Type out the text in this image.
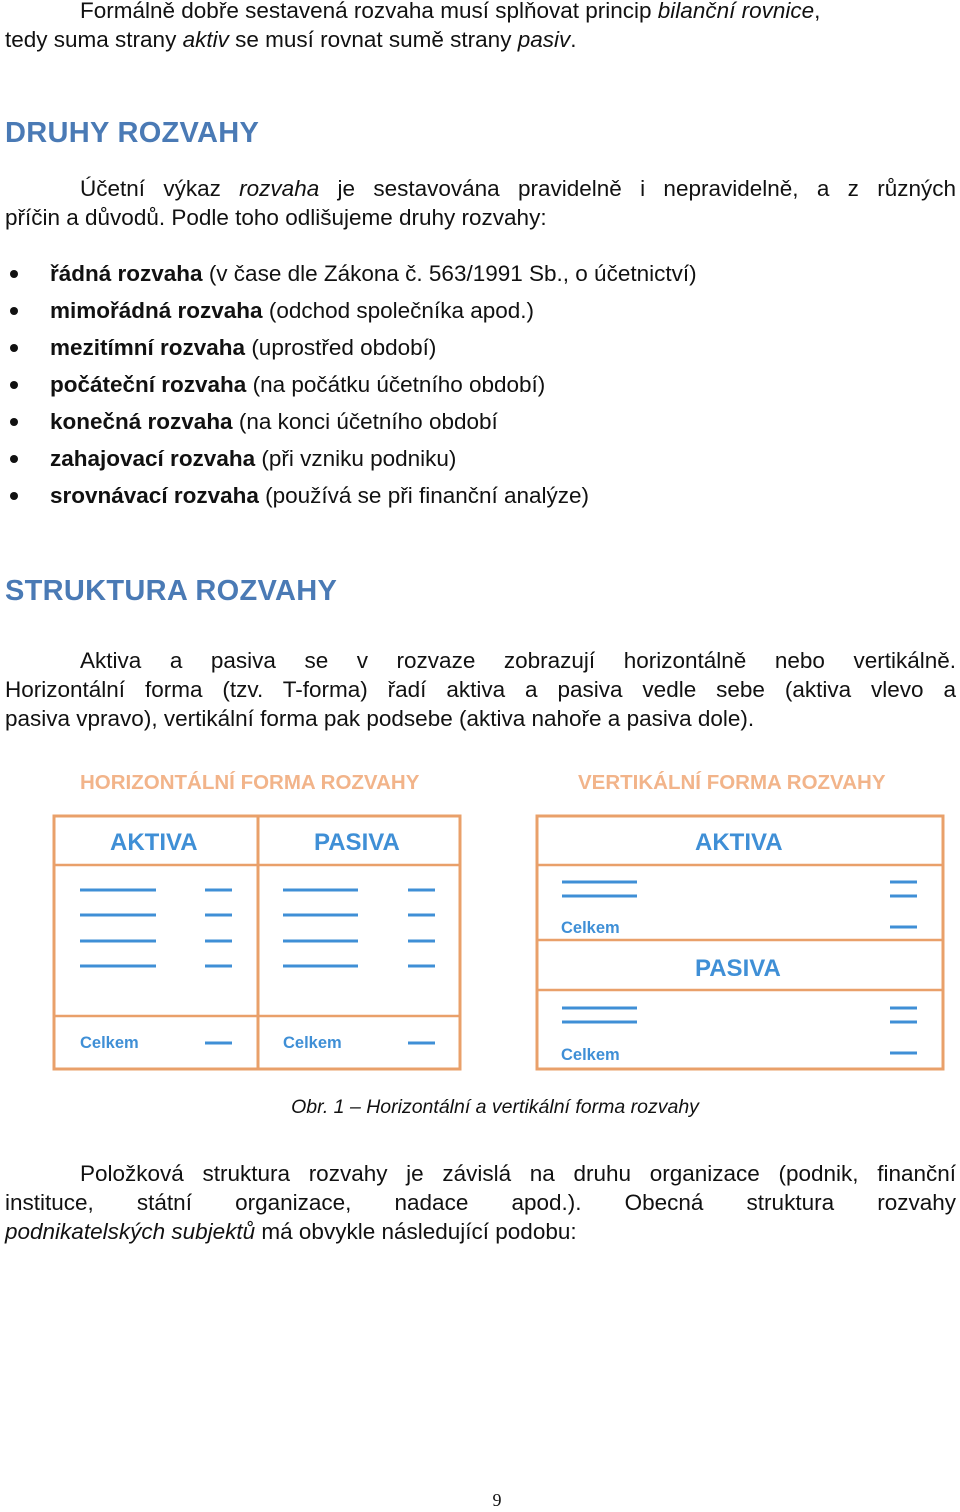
Formálně dobře sestavená rozvaha musí splňovat princip bilanční rovnice,
tedy suma strany aktiv se musí rovnat sumě strany pasiv.
DRUHY ROZVAHY
Účetní výkaz rozvaha je sestavována pravidelně i nepravidelně, a z různých
příčin a důvodů. Podle toho odlišujeme druhy rozvahy:
řádná rozvaha (v čase dle Zákona č. 563/1991 Sb., o účetnictví)
mimořádná rozvaha (odchod společníka apod.)
mezitímní rozvaha (uprostřed období)
počáteční rozvaha (na počátku účetního období)
konečná rozvaha (na konci účetního období
zahajovací rozvaha (při vzniku podniku)
srovnávací rozvaha (používá se při finanční analýze)
STRUKTURA ROZVAHY
Aktiva a pasiva se v rozvaze zobrazují horizontálně nebo vertikálně.
Horizontální forma (tzv. T-forma) řadí aktiva a pasiva vedle sebe (aktiva vlevo a
pasiva vpravo), vertikální forma pak podsebe (aktiva nahoře a pasiva dole).
HORIZONTÁLNÍ FORMA ROZVAHY	VERTIKÁLNÍ FORMA ROZVAHY
AKTIVA	PASIVA
Celkem	Celkem
AKTIVA
PASIVA
Celkem
Celkem
Obr. 1 – Horizontální a vertikální forma rozvahy
Položková struktura rozvahy je závislá na druhu organizace (podnik, finanční
instituce, státní organizace, nadace apod.). Obecná struktura rozvahy
podnikatelských subjektů má obvykle následující podobu:
9
